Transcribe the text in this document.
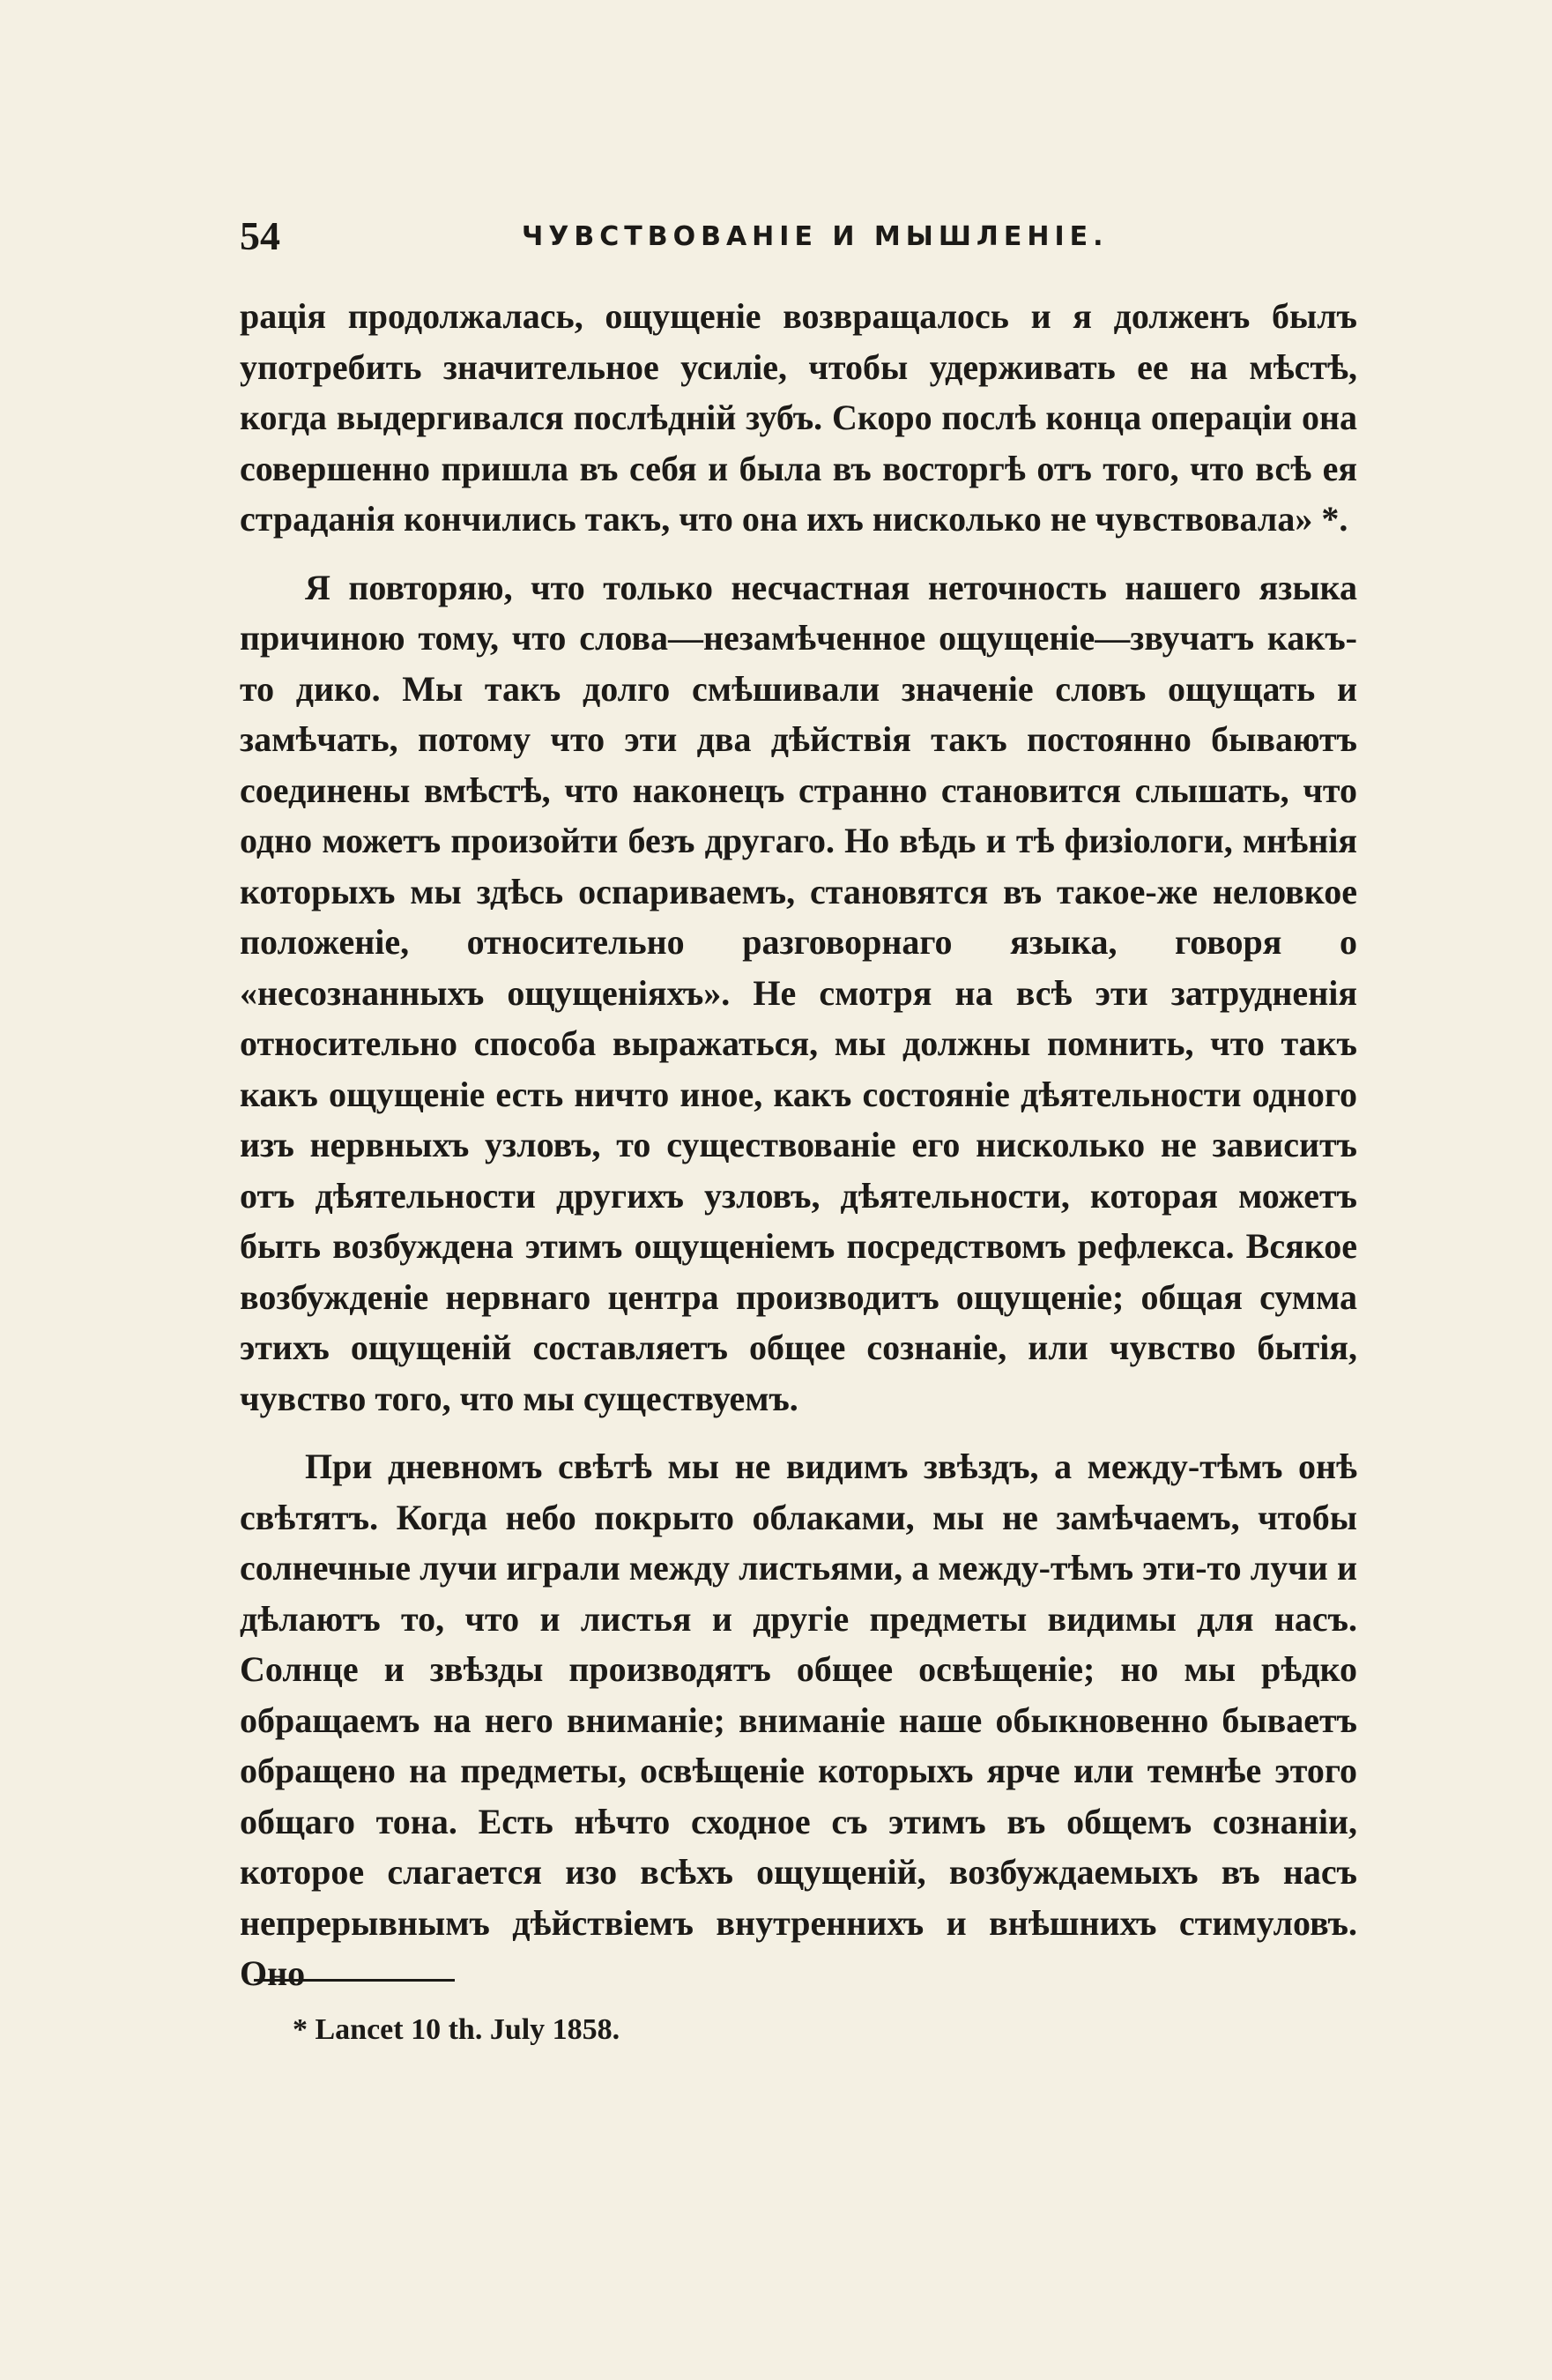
54	ЧУВСТВОВАНІЕ И МЫШЛЕНІЕ.

рація продолжалась, ощущеніе возвращалось и я долженъ былъ употребить значительное усиліе, чтобы удерживать ее на мѣстѣ, когда выдергивался послѣдній зубъ. Скоро послѣ конца операціи она совершенно пришла въ себя и была въ восторгѣ отъ того, что всѣ ея страданія кончились такъ, что она ихъ нисколько не чувствовала» *.

Я повторяю, что только несчастная неточность нашего языка причиною тому, что слова—незамѣченное ощущеніе—звучатъ какъ-то дико. Мы такъ долго смѣшивали значеніе словъ ощущать и замѣчать, потому что эти два дѣйствія такъ постоянно бываютъ соединены вмѣстѣ, что наконецъ странно становится слышать, что одно можетъ произойти безъ другаго. Но вѣдь и тѣ физіологи, мнѣнія которыхъ мы здѣсь оспариваемъ, становятся въ такое-же неловкое положеніе, относительно разговорнаго языка, говоря о «несознанныхъ ощущеніяхъ». Не смотря на всѣ эти затрудненія относительно способа выражаться, мы должны помнить, что такъ какъ ощущеніе есть ничто иное, какъ состояніе дѣятельности одного изъ нервныхъ узловъ, то существованіе его нисколько не зависитъ отъ дѣятельности другихъ узловъ, дѣятельности, которая можетъ быть возбуждена этимъ ощущеніемъ посредствомъ рефлекса. Всякое возбужденіе нервнаго центра производитъ ощущеніе; общая сумма этихъ ощущеній составляетъ общее сознаніе, или чувство бытія, чувство того, что мы существуемъ.

При дневномъ свѣтѣ мы не видимъ звѣздъ, а между-тѣмъ онѣ свѣтятъ. Когда небо покрыто облаками, мы не замѣчаемъ, чтобы солнечные лучи играли между листьями, а между-тѣмъ эти-то лучи и дѣлаютъ то, что и листья и другіе предметы видимы для насъ. Солнце и звѣзды производятъ общее освѣщеніе; но мы рѣдко обращаемъ на него вниманіе; вниманіе наше обыкновенно бываетъ обращено на предметы, освѣщеніе которыхъ ярче или темнѣе этого общаго тона. Есть нѣчто сходное съ этимъ въ общемъ сознаніи, которое слагается изо всѣхъ ощущеній, возбуждаемыхъ въ насъ непрерывнымъ дѣйствіемъ внутреннихъ и внѣшнихъ стимуловъ. Оно

* Lancet 10 th. July 1858.
